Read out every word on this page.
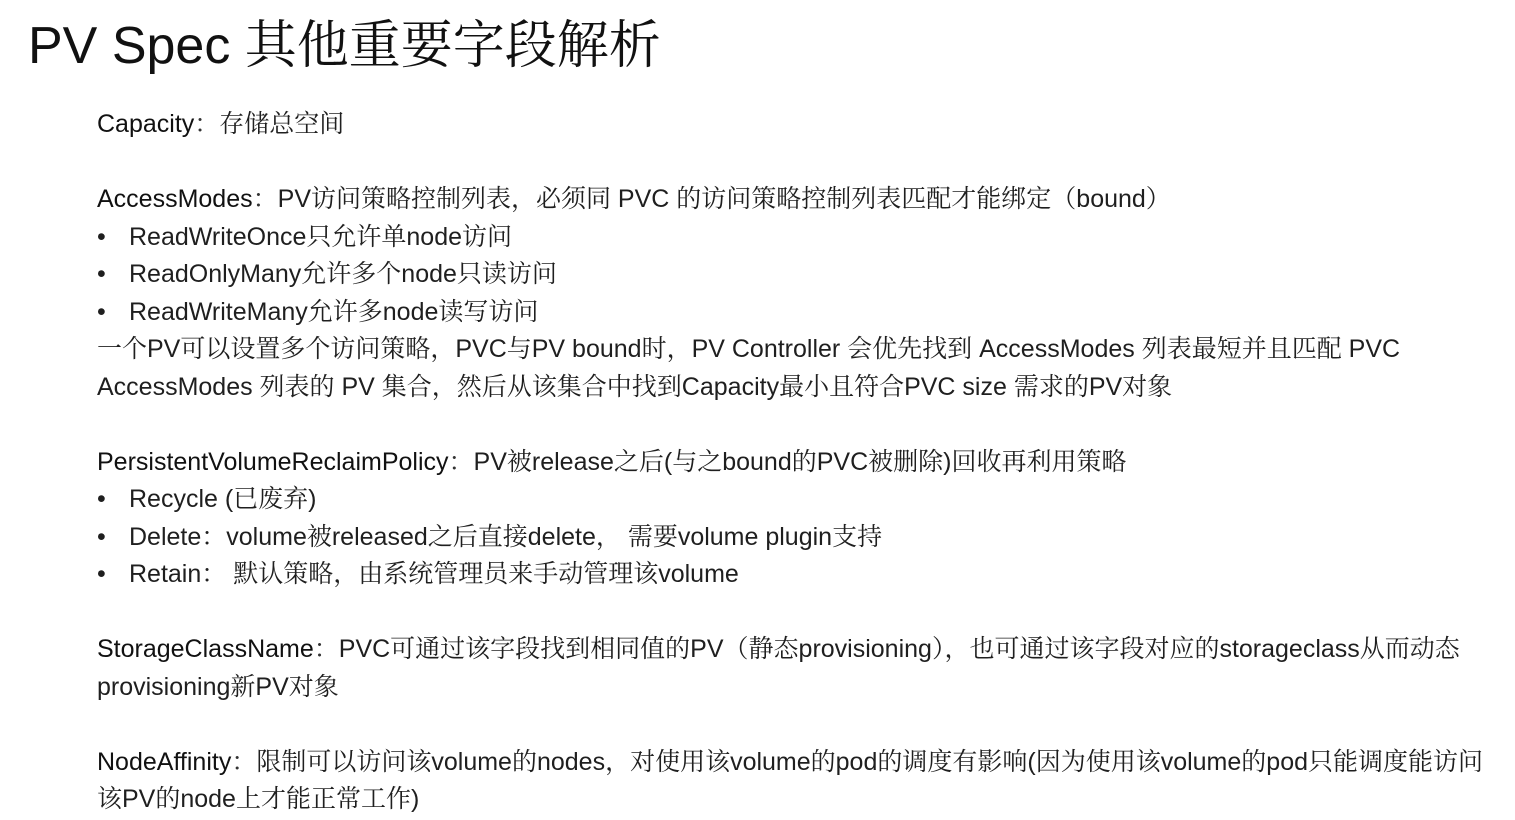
PV Spec 其他重要字段解析

Capacity：存储总空间

AccessModes：PV访问策略控制列表，必须同 PVC 的访问策略控制列表匹配才能绑定（bound）

• ReadWriteOnce只允许单node访问
• ReadOnlyMany允许多个node只读访问
• ReadWriteMany允许多node读写访问

一个PV可以设置多个访问策略，PVC与PV bound时，PV Controller 会优先找到 AccessModes 列表最短并且匹配 PVC AccessModes 列表的 PV 集合，然后从该集合中找到Capacity最小且符合PVC size 需求的PV对象

PersistentVolumeReclaimPolicy：PV被release之后(与之bound的PVC被删除)回收再利用策略

• Recycle (已废弃)
• Delete：volume被released之后直接delete， 需要volume plugin支持
• Retain： 默认策略，由系统管理员来手动管理该volume

StorageClassName：PVC可通过该字段找到相同值的PV（静态provisioning），也可通过该字段对应的storageclass从而动态provisioning新PV对象

NodeAffinity：限制可以访问该volume的nodes，对使用该volume的pod的调度有影响(因为使用该volume的pod只能调度能访问该PV的node上才能正常工作)
